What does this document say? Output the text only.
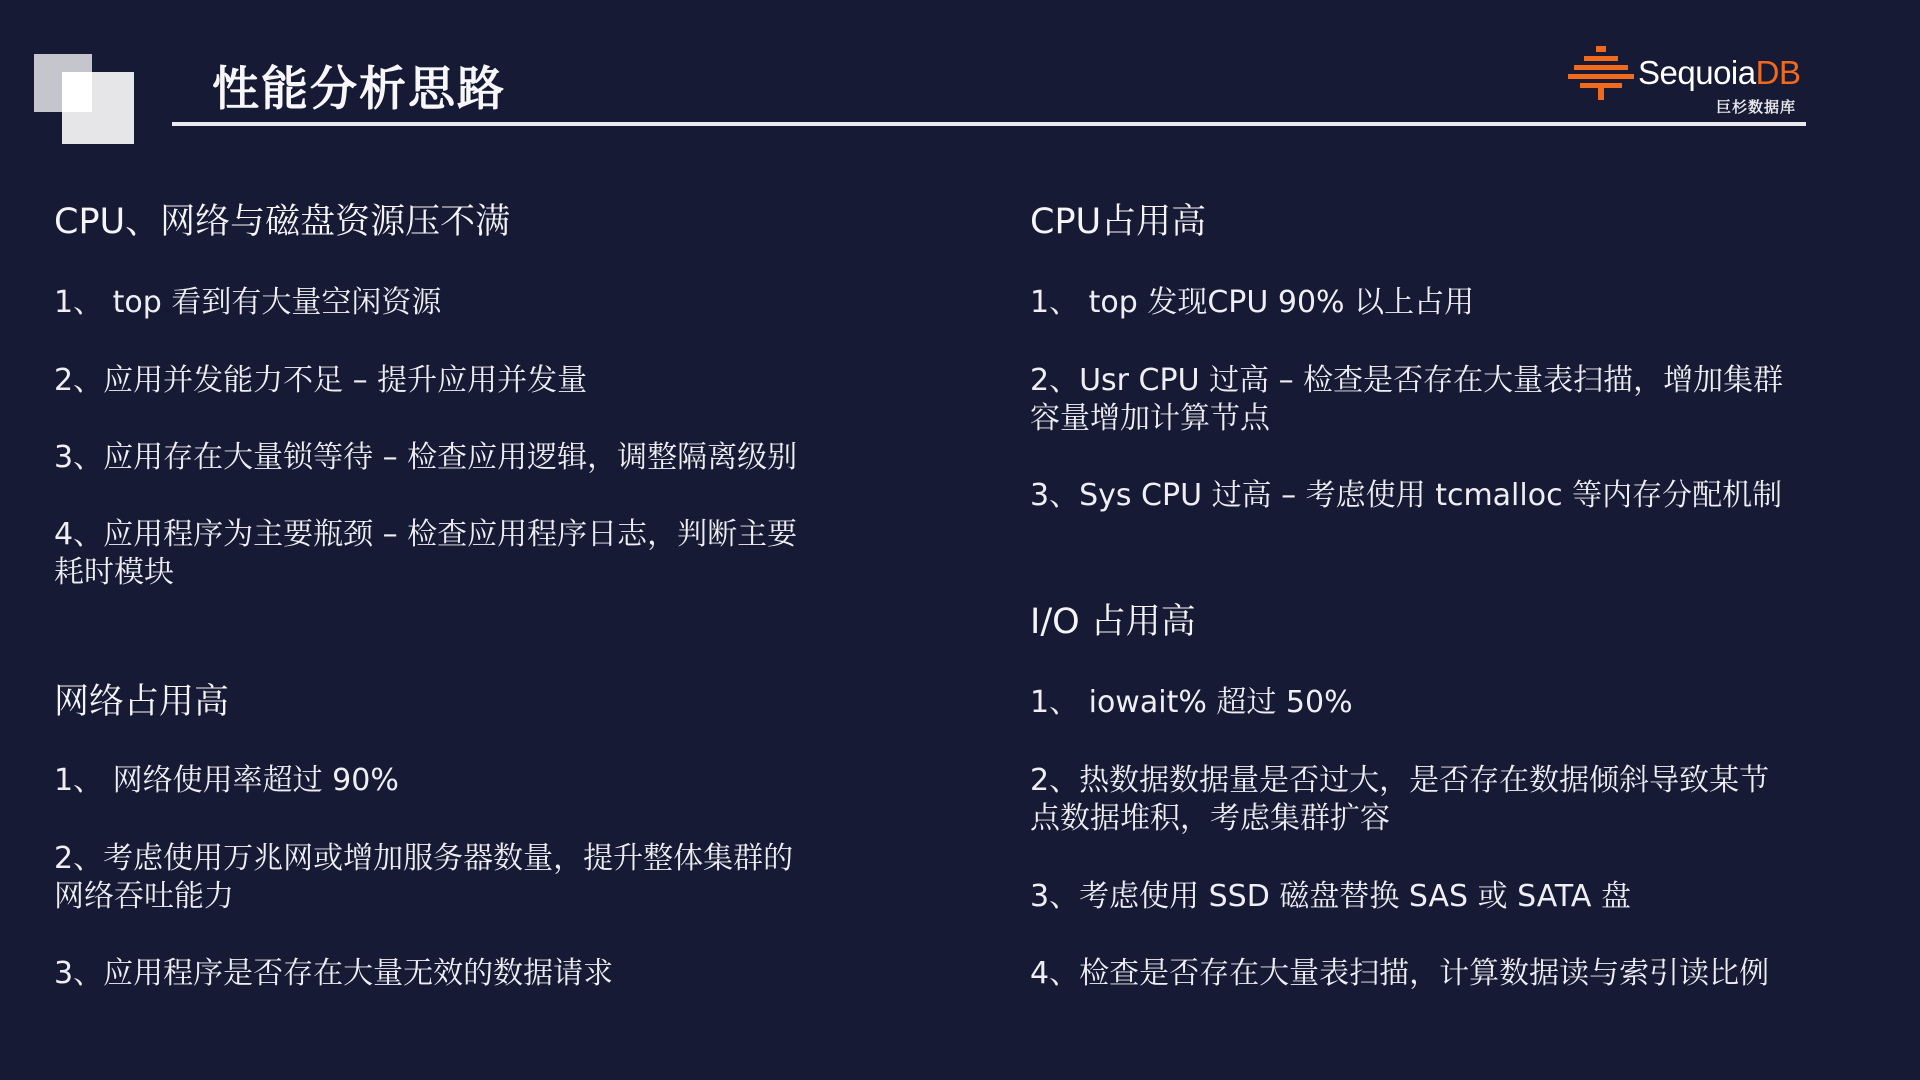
性能分析思路	SequoiaDB
巨杉数据库
CPU、网络与磁盘资源压不满
1、 top 看到有大量空闲资源
2、应用并发能力不足 – 提升应用并发量
3、应用存在大量锁等待 – 检查应用逻辑，调整隔离级别
4、应用程序为主要瓶颈 – 检查应用程序日志，判断主要
耗时模块
网络占用高
1、 网络使用率超过 90%
2、考虑使用万兆网或增加服务器数量，提升整体集群的
网络吞吐能力
3、应用程序是否存在大量无效的数据请求
CPU占用高
1、 top 发现CPU 90% 以上占用
2、Usr CPU 过高 – 检查是否存在大量表扫描，增加集群
容量增加计算节点
3、Sys CPU 过高 – 考虑使用 tcmalloc 等内存分配机制
I/O 占用高
1、 iowait% 超过 50%
2、热数据数据量是否过大，是否存在数据倾斜导致某节
点数据堆积，考虑集群扩容
3、考虑使用 SSD 磁盘替换 SAS 或 SATA 盘
4、检查是否存在大量表扫描，计算数据读与索引读比例
